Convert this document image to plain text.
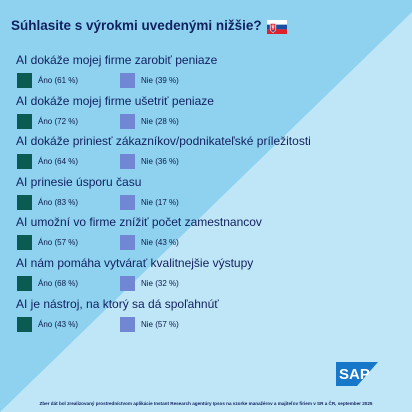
Súhlasite s výrokmi uvedenými nižšie?
AI dokáže mojej firme zarobiť peniaze
Áno (61 %)	Nie (39 %)
AI dokáže mojej firme ušetriť peniaze
Áno (72 %)	Nie (28 %)
AI dokáže priniesť zákazníkov/podnikateľské príležitosti
Áno (64 %)	Nie (36 %)
AI prinesie úsporu času
Áno (83 %)	Nie (17 %)
AI umožní vo firme znížiť počet zamestnancov
Áno (57 %)	Nie (43 %)
AI nám pomáha vytvárať kvalitnejšie výstupy
Áno (68 %)	Nie (32 %)
AI je nástroj, na ktorý sa dá spoľahnúť
Áno (43 %)	Nie (57 %)
SAP
Zber dát bol zrealizovaný prostredníctvom aplikácie Instant Research agentúry Ipsos na vzorke manažérov a majiteľov firiem v SR a ČR, september 2025
